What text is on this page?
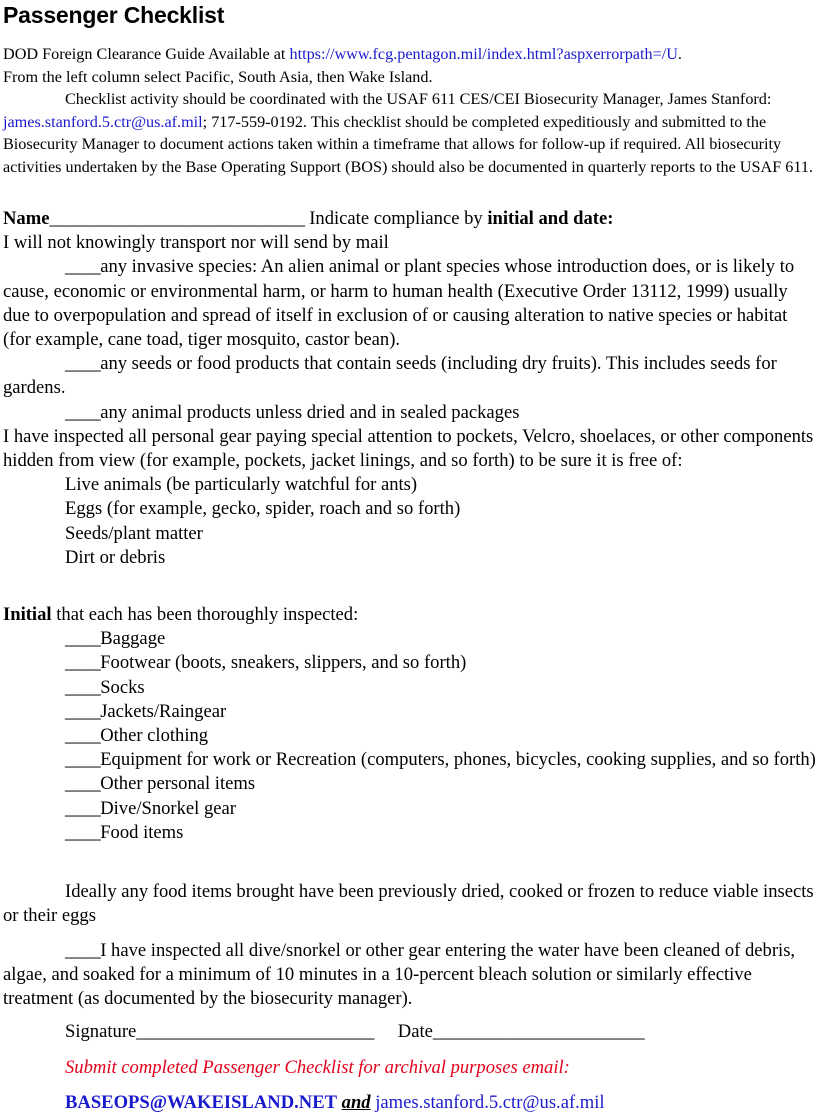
Passenger Checklist
DOD Foreign Clearance Guide Available at https://www.fcg.pentagon.mil/index.html?aspxerrorpath=/U.
From the left column select Pacific, South Asia, then Wake Island.
Checklist activity should be coordinated with the USAF 611 CES/CEI Biosecurity Manager, James Stanford: james.stanford.5.ctr@us.af.mil; 717-559-0192. This checklist should be completed expeditiously and submitted to the Biosecurity Manager to document actions taken within a timeframe that allows for follow-up if required. All biosecurity activities undertaken by the Base Operating Support (BOS) should also be documented in quarterly reports to the USAF 611.
Name_____________________________ Indicate compliance by initial and date:
I will not knowingly transport nor will send by mail
____any invasive species: An alien animal or plant species whose introduction does, or is likely to cause, economic or environmental harm, or harm to human health (Executive Order 13112, 1999) usually due to overpopulation and spread of itself in exclusion of or causing alteration to native species or habitat (for example, cane toad, tiger mosquito, castor bean).
____any seeds or food products that contain seeds (including dry fruits). This includes seeds for gardens.
____any animal products unless dried and in sealed packages
I have inspected all personal gear paying special attention to pockets, Velcro, shoelaces, or other components hidden from view (for example, pockets, jacket linings, and so forth) to be sure it is free of:
Live animals (be particularly watchful for ants)
Eggs (for example, gecko, spider, roach and so forth)
Seeds/plant matter
Dirt or debris
Initial that each has been thoroughly inspected:
____Baggage
____Footwear (boots, sneakers, slippers, and so forth)
____Socks
____Jackets/Raingear
____Other clothing
____Equipment for work or Recreation (computers, phones, bicycles, cooking supplies, and so forth)
____Other personal items
____Dive/Snorkel gear
____Food items
Ideally any food items brought have been previously dried, cooked or frozen to reduce viable insects or their eggs
____I have inspected all dive/snorkel or other gear entering the water have been cleaned of debris, algae, and soaked for a minimum of 10 minutes in a 10-percent bleach solution or similarly effective treatment (as documented by the biosecurity manager).
Signature___________________________ Date________________________
Submit completed Passenger Checklist for archival purposes email:
BASEOPS@WAKEISLAND.NET and james.stanford.5.ctr@us.af.mil
